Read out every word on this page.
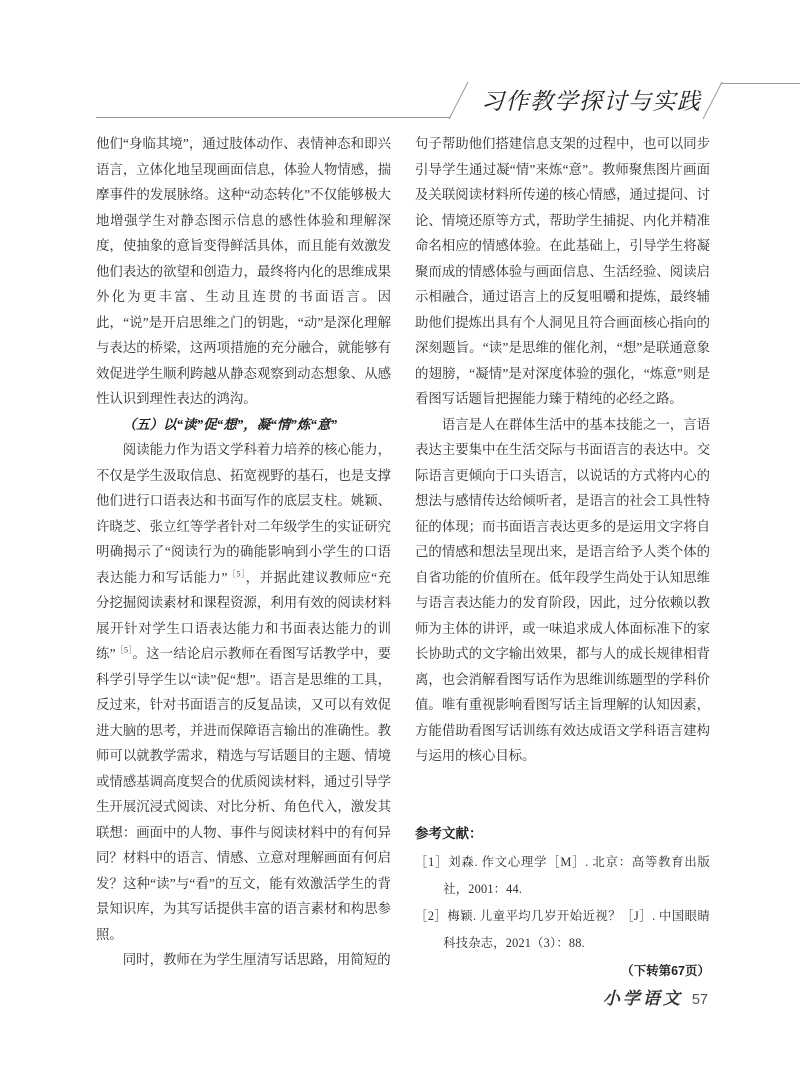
习作教学探讨与实践

他们“身临其境”，通过肢体动作、表情神态和即兴语言，立体化地呈现画面信息，体验人物情感，揣摩事件的发展脉络。这种“动态转化”不仅能够极大地增强学生对静态图示信息的感性体验和理解深度，使抽象的意旨变得鲜活具体，而且能有效激发他们表达的欲望和创造力，最终将内化的思维成果外化为更丰富、生动且连贯的书面语言。因此，“说”是开启思维之门的钥匙，“动”是深化理解与表达的桥梁，这两项措施的充分融合，就能够有效促进学生顺利跨越从静态观察到动态想象、从感性认识到理性表达的鸿沟。

（五）以“读”促“想”，凝“情”炼“意”

阅读能力作为语文学科着力培养的核心能力，不仅是学生汲取信息、拓宽视野的基石，也是支撑他们进行口语表达和书面写作的底层支柱。姚颖、许晓芝、张立红等学者针对二年级学生的实证研究明确揭示了“阅读行为的确能影响到小学生的口语表达能力和写话能力”$^{[5]}$，并据此建议教师应“充分挖掘阅读素材和课程资源，利用有效的阅读材料展开针对学生口语表达能力和书面表达能力的训练”$^{[5]}$。这一结论启示教师在看图写话教学中，要科学引导学生以“读”促“想”。语言是思维的工具，反过来，针对书面语言的反复品读，又可以有效促进大脑的思考，并进而保障语言输出的准确性。教师可以就教学需求，精选与写话题目的主题、情境或情感基调高度契合的优质阅读材料，通过引导学生开展沉浸式阅读、对比分析、角色代入，激发其联想：画面中的人物、事件与阅读材料中的有何异同？材料中的语言、情感、立意对理解画面有何启发？这种“读”与“看”的互文，能有效激活学生的背景知识库，为其写话提供丰富的语言素材和构思参照。

同时，教师在为学生厘清写话思路，用简短的

句子帮助他们搭建信息支架的过程中，也可以同步引导学生通过凝“情”来炼“意”。教师聚焦图片画面及关联阅读材料所传递的核心情感，通过提问、讨论、情境还原等方式，帮助学生捕捉、内化并精准命名相应的情感体验。在此基础上，引导学生将凝聚而成的情感体验与画面信息、生活经验、阅读启示相融合，通过语言上的反复咀嚼和提炼，最终辅助他们提炼出具有个人洞见且符合画面核心指向的深刻题旨。“读”是思维的催化剂，“想”是联通意象的翅膀，“凝情”是对深度体验的强化，“炼意”则是看图写话题旨把握能力臻于精纯的必经之路。

语言是人在群体生活中的基本技能之一，言语表达主要集中在生活交际与书面语言的表达中。交际语言更倾向于口头语言，以说话的方式将内心的想法与感情传达给倾听者，是语言的社会工具性特征的体现；而书面语言表达更多的是运用文字将自己的情感和想法呈现出来，是语言给予人类个体的自省功能的价值所在。低年段学生尚处于认知思维与语言表达能力的发育阶段，因此，过分依赖以教师为主体的讲评，或一味追求成人体面标准下的家长协助式的文字输出效果，都与人的成长规律相背离，也会消解看图写话作为思维训练题型的学科价值。唯有重视影响看图写话主旨理解的认知因素，方能借助看图写话训练有效达成语文学科语言建构与运用的核心目标。

参考文献：

［1］刘森. 作文心理学［M］. 北京：高等教育出版社，2001：44.
［2］梅颖. 儿童平均几岁开始近视？［J］. 中国眼睛科技杂志，2021（3）：88.
（下转第67页）
小学语文 57
